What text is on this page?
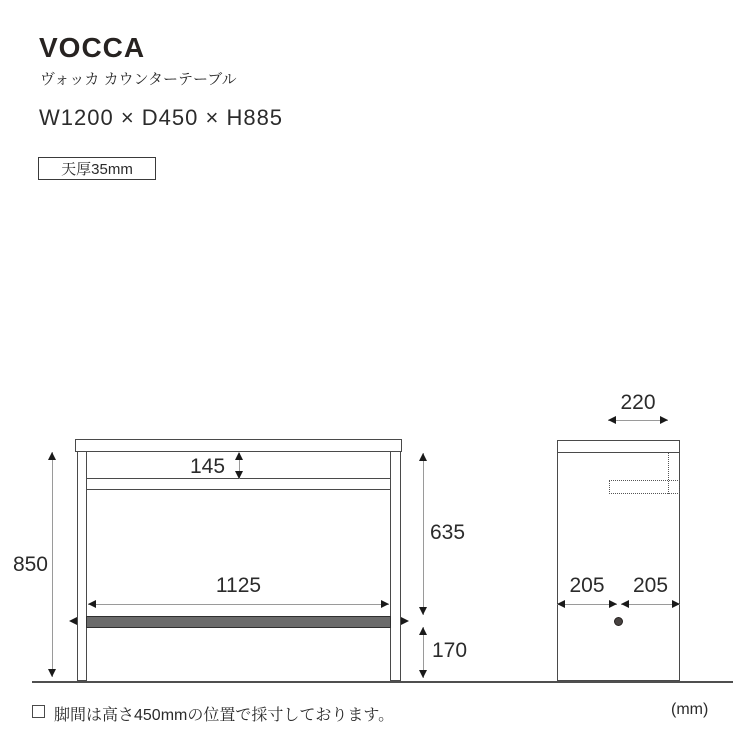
VOCCA
ヴォッカ カウンターテーブル
W1200 × D450 × H885
天厚35mm
850
145
1125
635
170
220
205	205
脚間は高さ450mmの位置で採寸しております。	(mm)
